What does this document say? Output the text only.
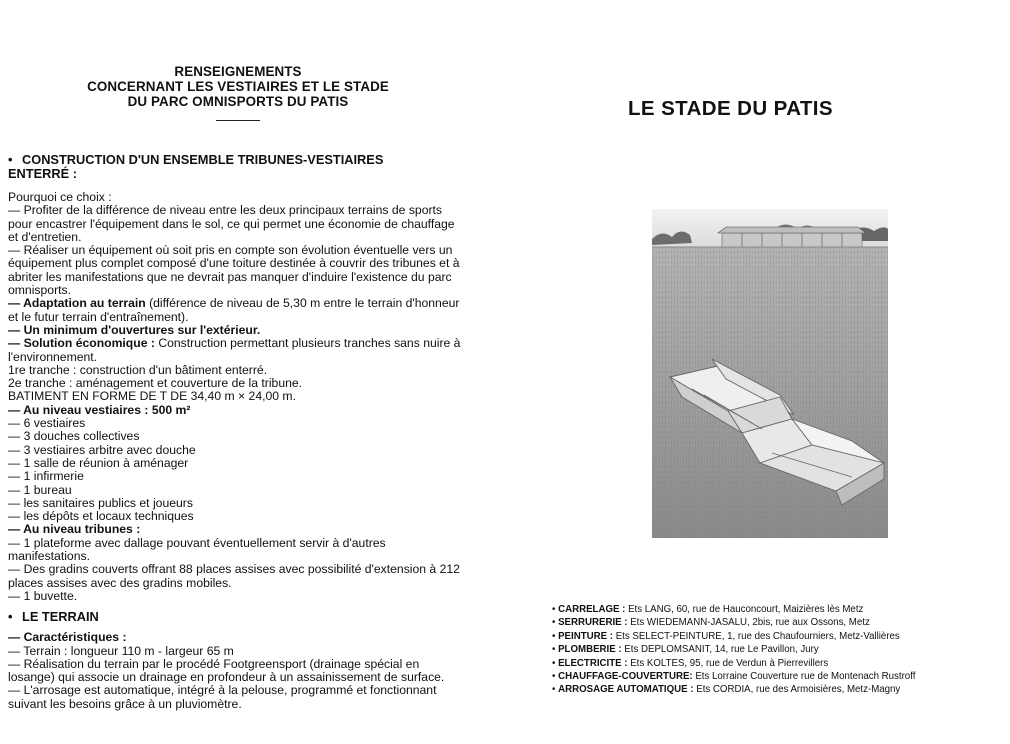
RENSEIGNEMENTS
CONCERNANT LES VESTIAIRES ET LE STADE
DU PARC OMNISPORTS DU PATIS
• CONSTRUCTION D'UN ENSEMBLE TRIBUNES-VESTIAIRES
ENTERRÉ :

Pourquoi ce choix :

— Profiter de la différence de niveau entre les deux principaux terrains de sports pour encastrer l'équipement dans le sol, ce qui permet une économie de chauffage et d'entretien.

— Réaliser un équipement où soit pris en compte son évolution éventuelle vers un équipement plus complet composé d'une toiture destinée à couvrir des tribunes et à abriter les manifestations que ne devrait pas manquer d'induire l'existence du parc omnisports.

— Adaptation au terrain (différence de niveau de 5,30 m entre le terrain d'honneur et le futur terrain d'entraînement).

— Un minimum d'ouvertures sur l'extérieur.

— Solution économique : Construction permettant plusieurs tranches sans nuire à l'environnement.

1re tranche : construction d'un bâtiment enterré.

2e tranche : aménagement et couverture de la tribune.

BATIMENT EN FORME DE T DE 34,40 m × 24,00 m.

— Au niveau vestiaires : 500 m²

— 6 vestiaires

— 3 douches collectives

— 3 vestiaires arbitre avec douche

— 1 salle de réunion à aménager

— 1 infirmerie

— 1 bureau

— les sanitaires publics et joueurs

— les dépôts et locaux techniques

— Au niveau tribunes :

— 1 plateforme avec dallage pouvant éventuellement servir à d'autres manifestations.

— Des gradins couverts offrant 88 places assises avec possibilité d'extension à 212 places assises avec des gradins mobiles.

— 1 buvette.

• LE TERRAIN

— Caractéristiques :

— Terrain : longueur 110 m - largeur 65 m

— Réalisation du terrain par le procédé Footgreensport (drainage spécial en losange) qui associe un drainage en profondeur à un assainissement de surface.

— L'arrosage est automatique, intégré à la pelouse, programmé et fonctionnant suivant les besoins grâce à un pluviomètre.

LE STADE DU PATIS
• CARRELAGE : Ets LANG, 60, rue de Hauconcourt, Maizières lès Metz
• SERRURERIE : Ets WIEDEMANN-JASALU, 2bis, rue aux Ossons, Metz
• PEINTURE : Ets SELECT-PEINTURE, 1, rue des Chaufourniers, Metz-Vallières
• PLOMBERIE : Ets DEPLOMSANIT, 14, rue Le Pavillon, Jury
• ELECTRICITE : Ets KOLTES, 95, rue de Verdun à Pierrevillers
• CHAUFFAGE-COUVERTURE: Ets Lorraine Couverture rue de Montenach Rustroff
• ARROSAGE AUTOMATIQUE : Ets CORDIA, rue des Armoisières, Metz-Magny
